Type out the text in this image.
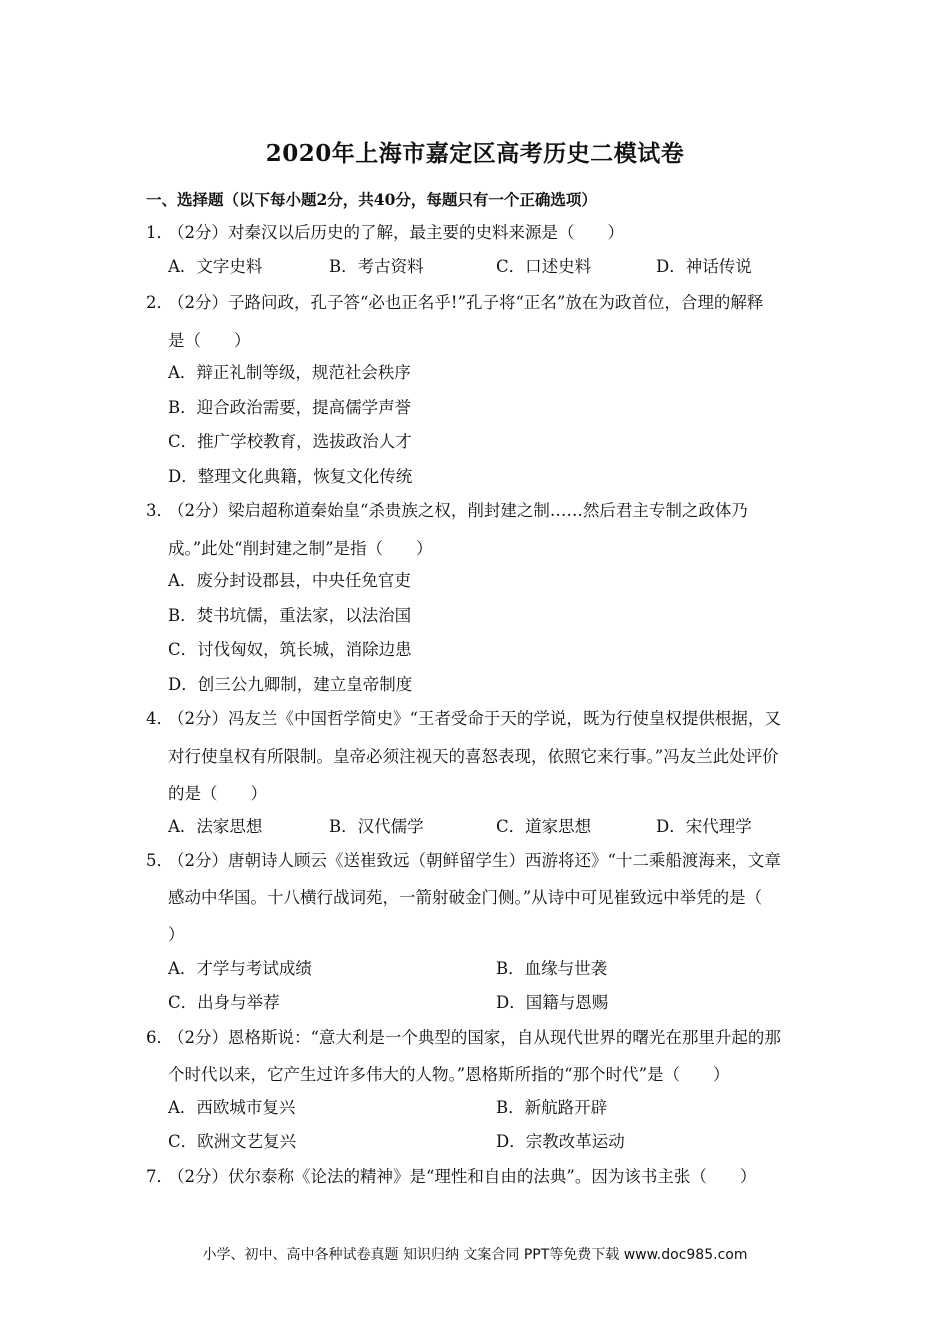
2020年上海市嘉定区高考历史二模试卷
一、选择题（以下每小题2分，共40分，每题只有一个正确选项）
1．
（2分）对秦汉以后历史的了解，最主要的史料来源是（　　）
A．文字史料	B．考古资料	C．口述史料	D．神话传说
2．
（2分）子路问政，孔子答“必也正名乎!”孔子将“正名”放在为政首位，合理的解释
是（　　）
A．辩正礼制等级，规范社会秩序
B．迎合政治需要，提高儒学声誉
C．推广学校教育，选拔政治人才
D．整理文化典籍，恢复文化传统
3．
（2分）梁启超称道秦始皇“杀贵族之权，削封建之制……然后君主专制之政体乃
成。”此处“削封建之制”是指（　　）
A．废分封设郡县，中央任免官吏
B．焚书坑儒，重法家，以法治国
C．讨伐匈奴，筑长城，消除边患
D．创三公九卿制，建立皇帝制度
4．
（2分）冯友兰《中国哲学简史》“王者受命于天的学说，既为行使皇权提供根据，又
对行使皇权有所限制。皇帝必须注视天的喜怒表现，依照它来行事。”冯友兰此处评价
的是（　　）
A．法家思想	B．汉代儒学	C．道家思想	D．宋代理学
5．
（2分）唐朝诗人顾云《送崔致远（朝鲜留学生）西游将还》“十二乘船渡海来，文章
感动中华国。十八横行战词苑，一箭射破金门侧。”从诗中可见崔致远中举凭的是（
）
A．才学与考试成绩	B．血缘与世袭
C．出身与举荐	D．国籍与恩赐
6．
（2分）恩格斯说：“意大利是一个典型的国家，自从现代世界的曙光在那里升起的那
个时代以来，它产生过许多伟大的人物。”恩格斯所指的“那个时代”是（　　）
A．西欧城市复兴	B．新航路开辟
C．欧洲文艺复兴	D．宗教改革运动
7．
（2分）伏尔泰称《论法的精神》是“理性和自由的法典”。因为该书主张（　　）
小学、初中、高中各种试卷真题 知识归纳 文案合同 PPT等免费下载 www.doc985.com
